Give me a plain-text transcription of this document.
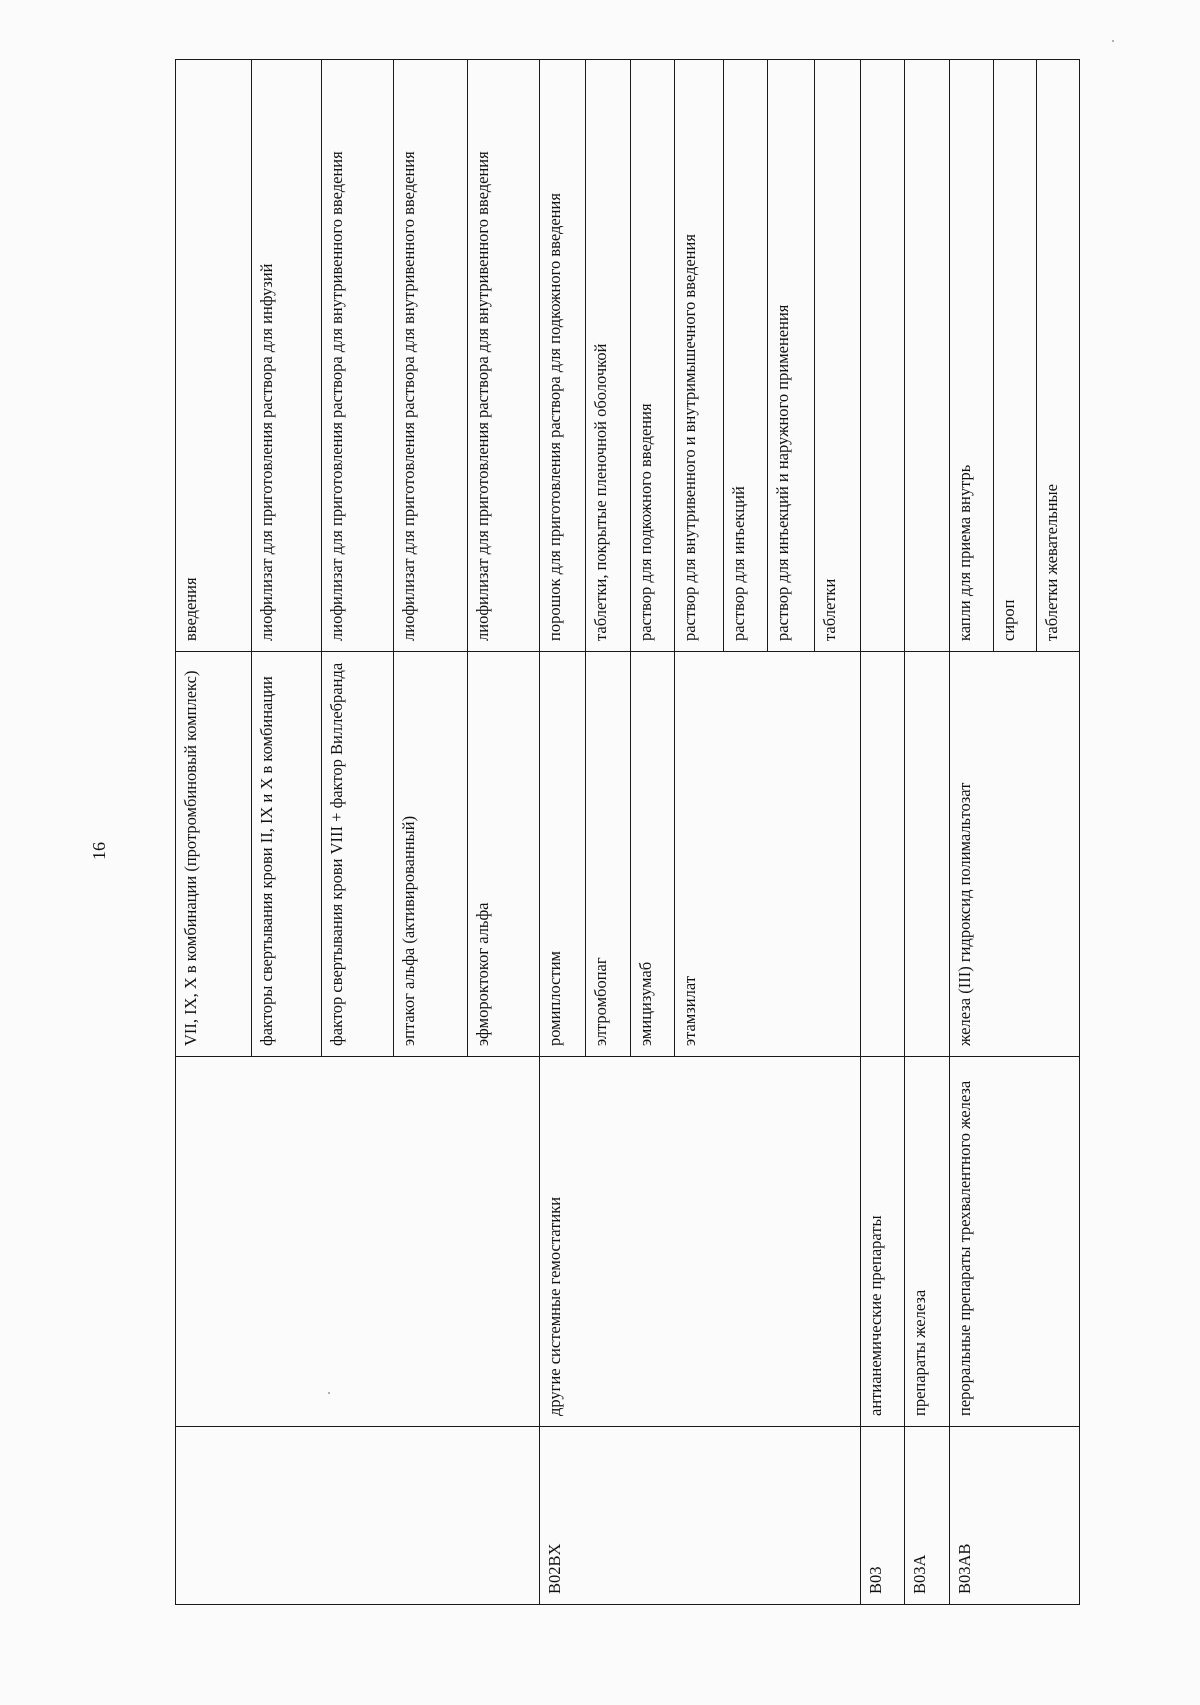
16
			VII, IX, X в комбинации (протромбиновый комплекс)	введения
		факторы свертывания крови II, IX и X в комбинации	лиофилизат для приготовления раствора для инфузий
		фактор свертывания крови VIII + фактор Виллебранда	лиофилизат для приготовления раствора для внутривенного введения
		эптаког альфа (активированный)	лиофилизат для приготовления раствора для внутривенного введения
		эфмороктоког альфа	лиофилизат для приготовления раствора для внутривенного введения
B02BX	другие системные гемостатики	ромиплостим	порошок для приготовления раствора для подкожного введения
		элтромбопаг	таблетки, покрытые пленочной оболочкой
		эмицизумаб	раствор для подкожного введения
		этамзилат	раствор для внутривенного и внутримышечного введения
			раствор для инъекций
			раствор для инъекций и наружного применения
			таблетки
B03	антианемические препараты		
B03A	препараты железа		
B03AB	пероральные препараты трехвалентного железа	железа (III) гидроксид полимальтозат	капли для приема внутрь
			сироп
			таблетки жевательные
